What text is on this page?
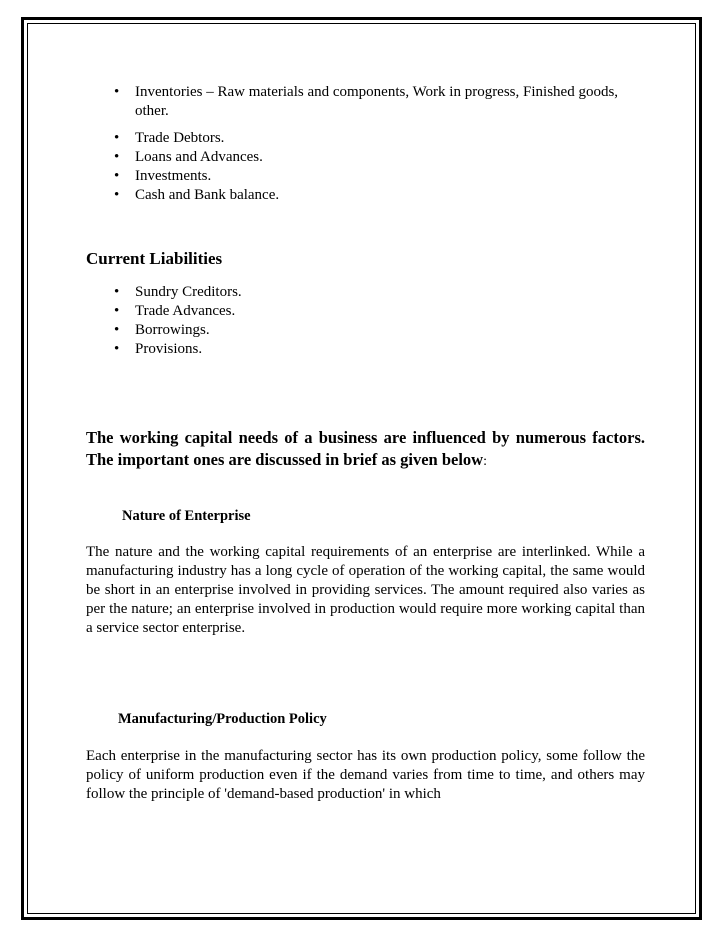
• Inventories – Raw materials and components, Work in progress, Finished goods, other.
• Trade Debtors.
• Loans and Advances.
• Investments.
• Cash and Bank balance.
Current Liabilities
• Sundry Creditors.
• Trade Advances.
• Borrowings.
• Provisions.

The working capital needs of a business are influenced by numerous factors. The important ones are discussed in brief as given below:

Nature of Enterprise

The nature and the working capital requirements of an enterprise are interlinked. While a manufacturing industry has a long cycle of operation of the working capital, the same would be short in an enterprise involved in providing services. The amount required also varies as per the nature; an enterprise involved in production would require more working capital than a service sector enterprise.

Manufacturing/Production Policy

Each enterprise in the manufacturing sector has its own production policy, some follow the policy of uniform production even if the demand varies from time to time, and others may follow the principle of 'demand-based production' in which
